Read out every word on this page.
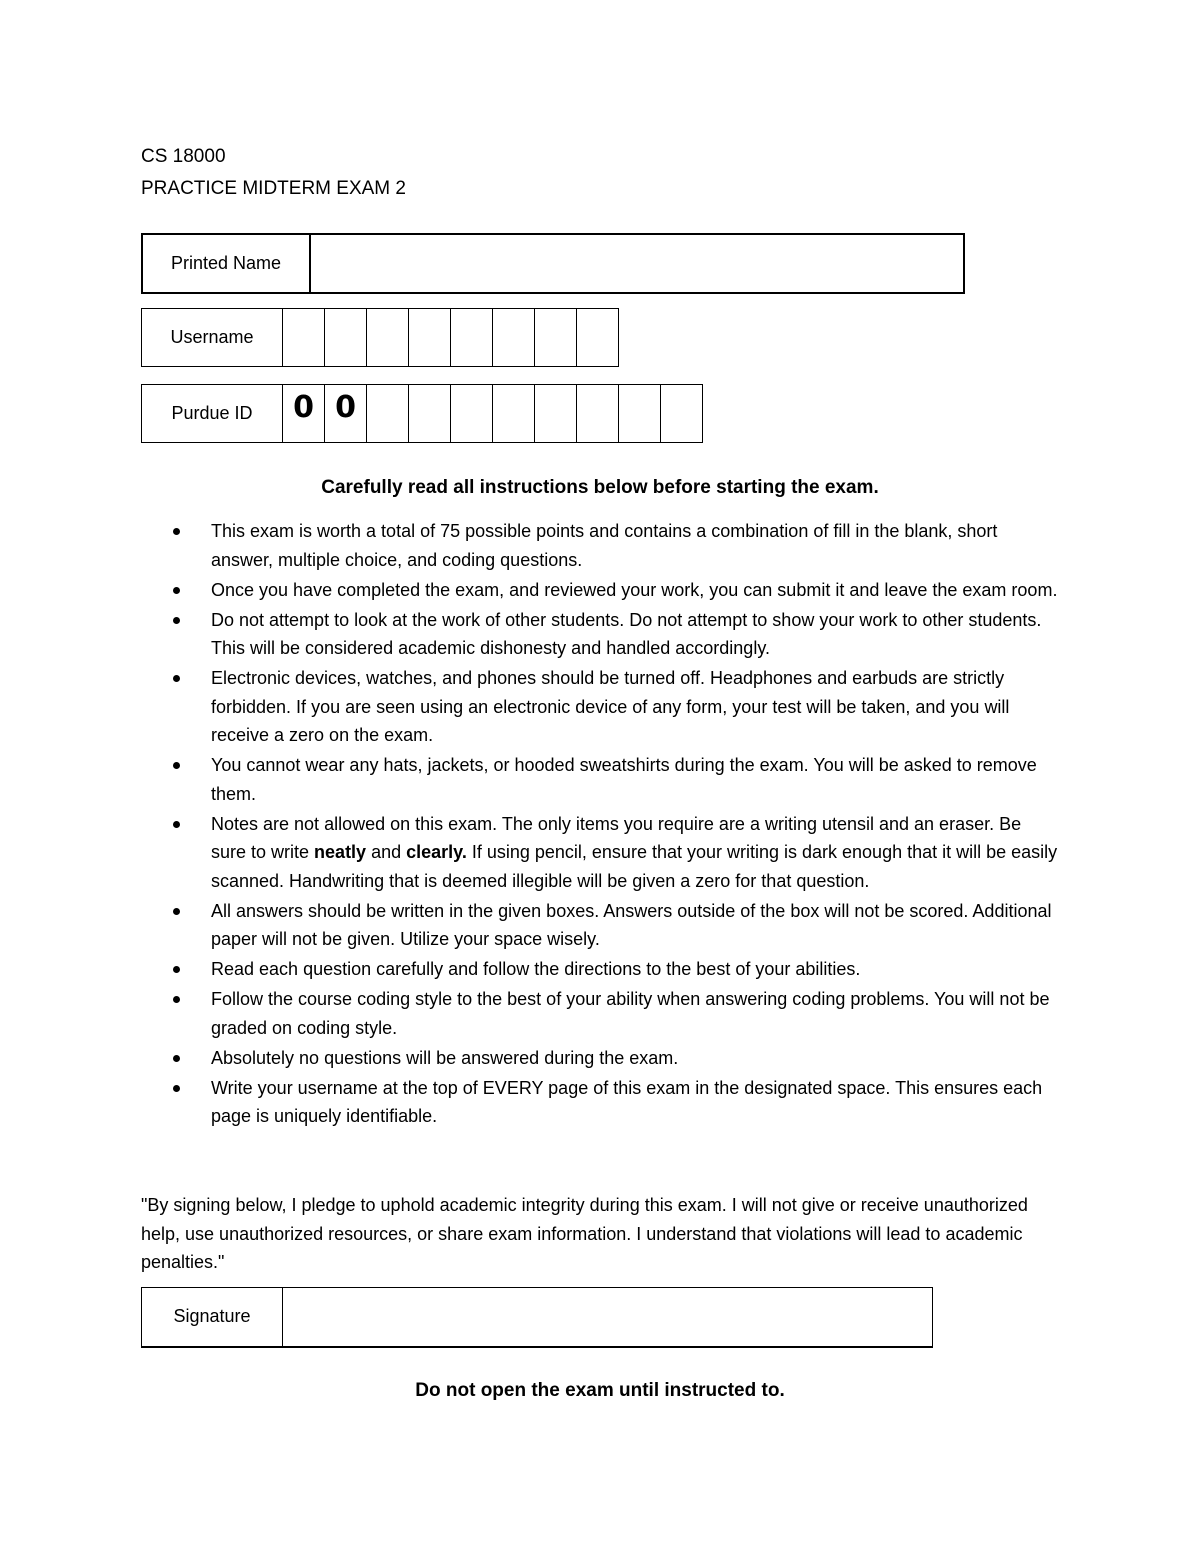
CS 18000
PRACTICE MIDTERM EXAM 2
Printed Name	
Username								
Purdue ID	0	0								
Carefully read all instructions below before starting the exam.
This exam is worth a total of 75 possible points and contains a combination of fill in the blank, short answer, multiple choice, and coding questions.
Once you have completed the exam, and reviewed your work, you can submit it and leave the exam room.
Do not attempt to look at the work of other students. Do not attempt to show your work to other students. This will be considered academic dishonesty and handled accordingly.
Electronic devices, watches, and phones should be turned off. Headphones and earbuds are strictly forbidden. If you are seen using an electronic device of any form, your test will be taken, and you will receive a zero on the exam.
You cannot wear any hats, jackets, or hooded sweatshirts during the exam. You will be asked to remove them.
Notes are not allowed on this exam. The only items you require are a writing utensil and an eraser. Be sure to write neatly and clearly. If using pencil, ensure that your writing is dark enough that it will be easily scanned. Handwriting that is deemed illegible will be given a zero for that question.
All answers should be written in the given boxes. Answers outside of the box will not be scored. Additional paper will not be given. Utilize your space wisely.
Read each question carefully and follow the directions to the best of your abilities.
Follow the course coding style to the best of your ability when answering coding problems. You will not be graded on coding style.
Absolutely no questions will be answered during the exam.
Write your username at the top of EVERY page of this exam in the designated space. This ensures each page is uniquely identifiable.

"By signing below, I pledge to uphold academic integrity during this exam. I will not give or receive unauthorized help, use unauthorized resources, or share exam information. I understand that violations will lead to academic penalties."

Signature	
Do not open the exam until instructed to.
